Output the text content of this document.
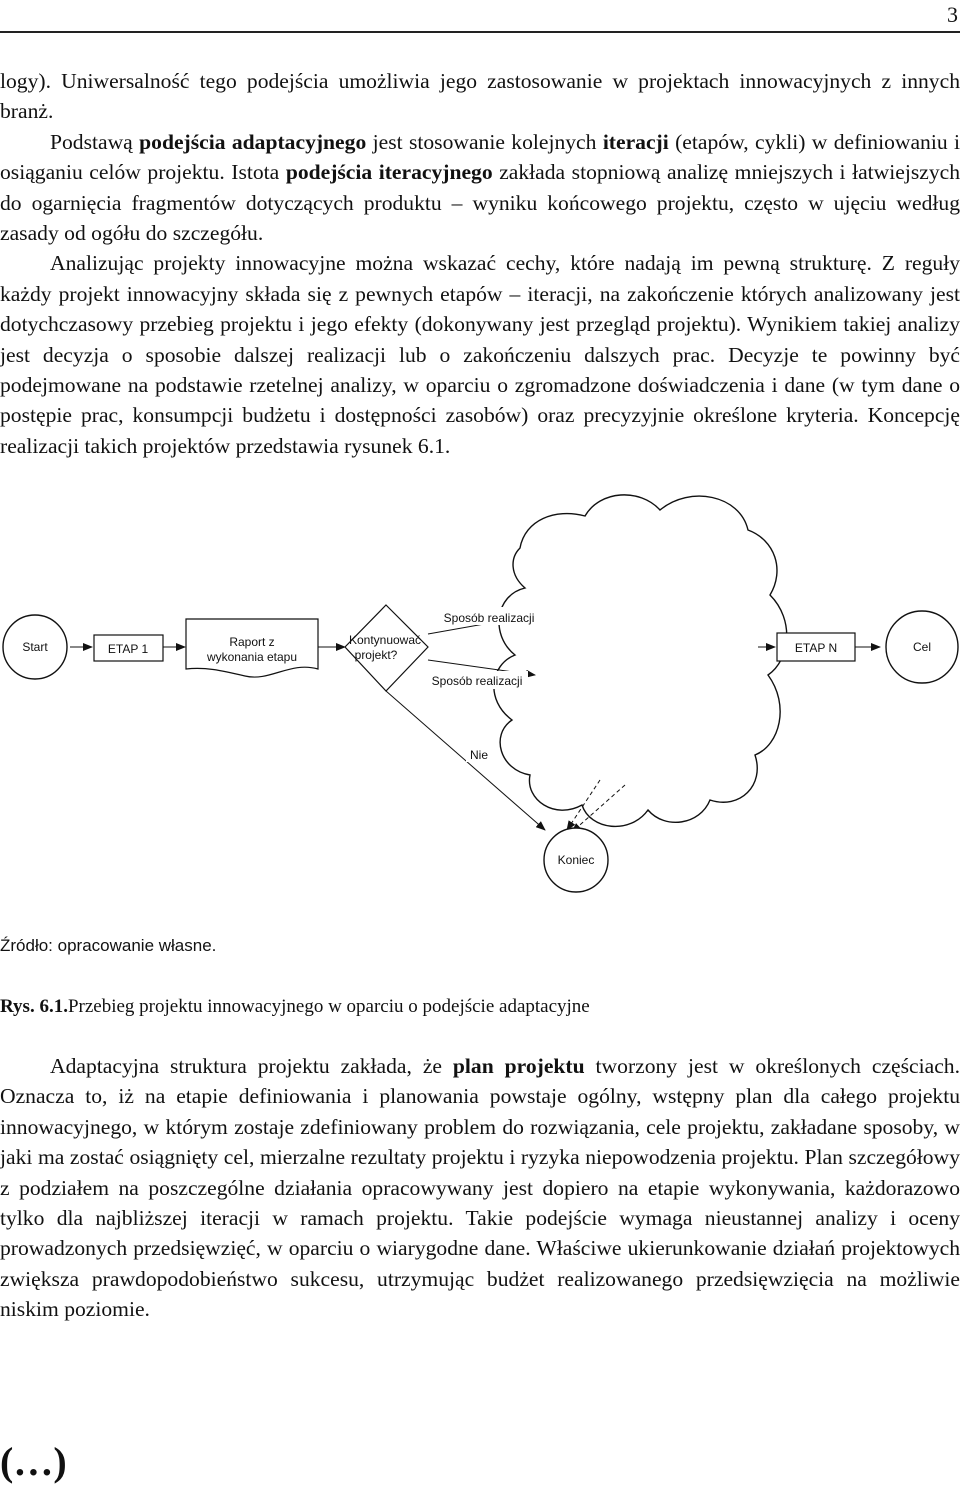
3

logy). Uniwersalność tego podejścia umożliwia jego zastosowanie w projektach innowacyjnych z innych branż.

Podstawą podejścia adaptacyjnego jest stosowanie kolejnych iteracji (etapów, cykli) w definiowaniu i osiąganiu celów projektu. Istota podejścia iteracyjnego zakłada stopniową analizę mniejszych i łatwiejszych do ogarnięcia fragmentów dotyczących produktu – wyniku końcowego projektu, często w ujęciu według zasady od ogółu do szczegółu.

Analizując projekty innowacyjne można wskazać cechy, które nadają im pewną strukturę. Z reguły każdy projekt innowacyjny składa się z pewnych etapów – iteracji, na zakończenie których analizowany jest dotychczasowy przebieg projektu i jego efekty (dokonywany jest przegląd projektu). Wynikiem takiej analizy jest decyzja o sposobie dalszej realizacji lub o zakończeniu dalszych prac. Decyzje te powinny być podejmowane na podstawie rzetelnej analizy, w oparciu o zgromadzone doświadczenia i dane (w tym dane o postępie prac, konsumpcji budżetu i dostępności zasobów) oraz precyzyjnie określone kryteria. Koncepcję realizacji takich projektów przedstawia rysunek 6.1.

Start	ETAP 1	Raport z
wykonania etapu
Kontynuować
projekt?
Sposób realizacji
Sposób realizacji
ETAP N	Cel
Nie
Koniec
Źródło: opracowanie własne.
Rys. 6.1.Przebieg projektu innowacyjnego w oparciu o podejście adaptacyjne

Adaptacyjna struktura projektu zakłada, że plan projektu tworzony jest w określonych częściach. Oznacza to, iż na etapie definiowania i planowania powstaje ogólny, wstępny plan dla całego projektu innowacyjnego, w którym zostaje zdefiniowany problem do rozwiązania, cele projektu, zakładane sposoby, w jaki ma zostać osiągnięty cel, mierzalne rezultaty projektu i ryzyka niepowodzenia projektu. Plan szczegółowy z podziałem na poszczególne działania opracowywany jest dopiero na etapie wykonywania, każdorazowo tylko dla najbliższej iteracji w ramach projektu. Takie podejście wymaga nieustannej analizy i oceny prowadzonych przedsięwzięć, w oparciu o wiarygodne dane. Właściwe ukierunkowanie działań projektowych zwiększa prawdopodobieństwo sukcesu, utrzymując budżet realizowanego przedsięwzięcia na możliwie niskim poziomie.

(…)
